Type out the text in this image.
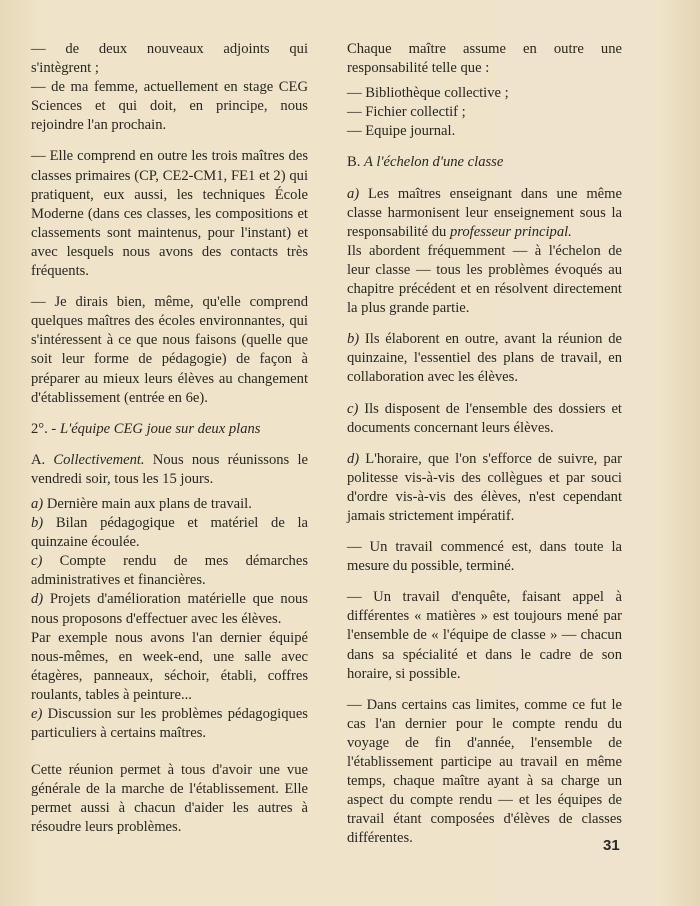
— de deux nouveaux adjoints qui
s'intègrent ;

— de ma femme, actuellement en stage CEG Sciences et qui doit, en principe, nous rejoindre l'an prochain.

— Elle comprend en outre les trois maîtres des classes primaires (CP, CE2-CM1, FE1 et 2) qui pratiquent, eux aussi, les techniques École Moderne (dans ces classes, les compositions et classements sont maintenus, pour l'instant) et avec lesquels nous avons des contacts très fréquents.

— Je dirais bien, même, qu'elle comprend quelques maîtres des écoles environnantes, qui s'intéressent à ce que nous faisons (quelle que soit leur forme de pédagogie) de façon à préparer au mieux leurs élèves au changement d'établissement (entrée en 6e).

2°. - L'équipe CEG joue sur deux plans

A. Collectivement. Nous nous réunissons le vendredi soir, tous les 15 jours.

a) Dernière main aux plans de travail.

b) Bilan pédagogique et matériel de la quinzaine écoulée.

c) Compte rendu de mes démarches administratives et financières.

d) Projets d'amélioration matérielle que nous nous proposons d'effectuer avec les élèves.

Par exemple nous avons l'an dernier équipé nous-mêmes, en week-end, une salle avec étagères, panneaux, séchoir, établi, coffres roulants, tables à peinture...

e) Discussion sur les problèmes pédagogiques particuliers à certains maîtres.

Cette réunion permet à tous d'avoir une vue générale de la marche de l'établissement. Elle permet aussi à chacun d'aider les autres à résoudre leurs problèmes.

Chaque maître assume en outre une responsabilité telle que :

— Bibliothèque collective ;

— Fichier collectif ;

— Equipe journal.

B. A l'échelon d'une classe

a) Les maîtres enseignant dans une même classe harmonisent leur enseignement sous la responsabilité du professeur principal.

Ils abordent fréquemment — à l'échelon de leur classe — tous les problèmes évoqués au chapitre précédent et en résolvent directement la plus grande partie.

b) Ils élaborent en outre, avant la réunion de quinzaine, l'essentiel des plans de travail, en collaboration avec les élèves.

c) Ils disposent de l'ensemble des dossiers et documents concernant leurs élèves.

d) L'horaire, que l'on s'efforce de suivre, par politesse vis-à-vis des collègues et par souci d'ordre vis-à-vis des élèves, n'est cependant jamais strictement impératif.

— Un travail commencé est, dans toute la mesure du possible, terminé.

— Un travail d'enquête, faisant appel à différentes « matières » est toujours mené par l'ensemble de « l'équipe de classe » — chacun dans sa spécialité et dans le cadre de son horaire, si possible.

— Dans certains cas limites, comme ce fut le cas l'an dernier pour le compte rendu du voyage de fin d'année, l'ensemble de l'établissement participe au travail en même temps, chaque maître ayant à sa charge un aspect du compte rendu — et les équipes de travail étant composées d'élèves de classes différentes.	31
